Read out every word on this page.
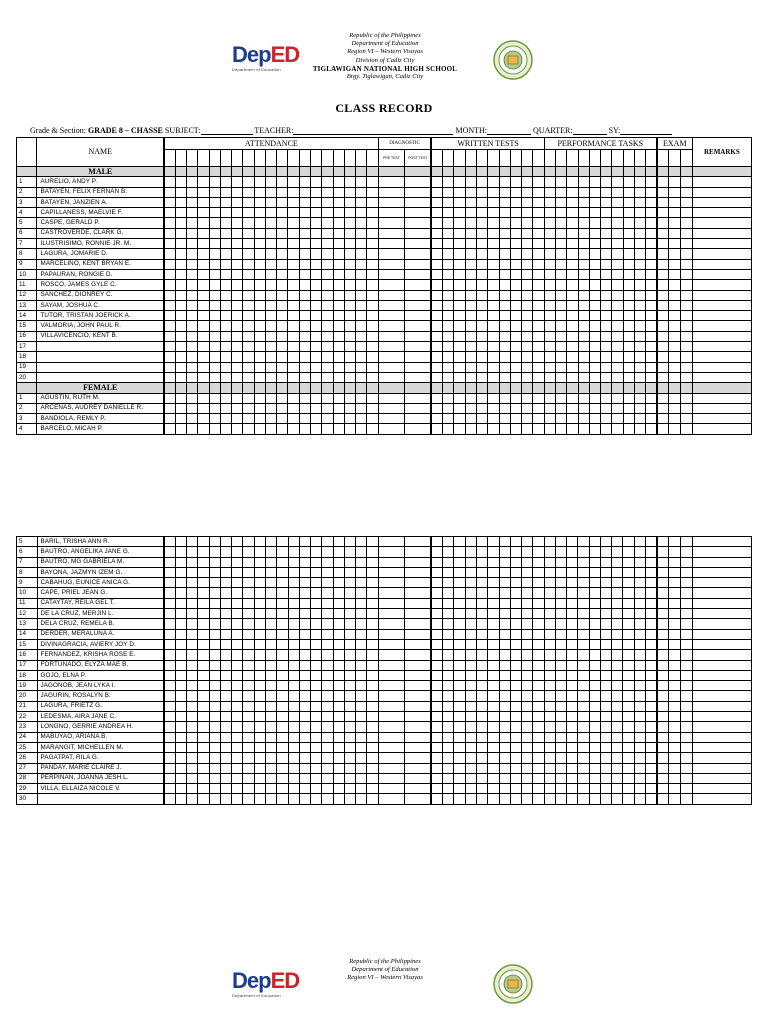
DepED
Department of Education
Republic of the Philippines
Department of Education
Region VI – Western Visayas
Division of Cadiz City
TIGLAWIGAN NATIONAL HIGH SCHOOL
Brgy. Tiglawigan, Cadiz City
CLASS RECORD
Grade & Section: GRADE 8 – CHASSE SUBJECT:	TEACHER:	MONTH:	QUARTER:	SY:
	NAME	ATTENDANCE																			DIAGNOSTIC		WRITTEN TESTS										PERFORMANCE TASKS										EXAM			REMARKS
																					PRE TEST	POST TEST																								
	MALE																																													
1	AURELIO, ANDY P.																																													
2	BATAYEN, FELIX FERNAN B.																																													
3	BATAYEN, JANZIEN A.																																													
4	CAPILLANESS, MAELVIE F.																																													
5	CASPE, GERALD P.																																													
6	CASTROVERDE, CLARK G.																																													
7	ILUSTRISIMO, RONNIE JR. M.																																													
8	LAGURA, JOMARIE D.																																													
9	MARCELINO, KENT BRYAN E.																																													
10	PAPAURAN, RONGIE D.																																													
11	ROSCO, JAMES GYLE C.																																													
12	SANCHEZ, DIONREY C.																																													
13	SAYAM, JOSHUA C.																																													
14	TUTOR, TRISTAN JOERICK A.																																													
15	VALMORIA, JOHN PAUL R.																																													
16	VILLAVICENCIO, KENT B.																																													
17																																														
18																																														
19																																														
20																																														
	FEMALE																																													
1	AGUSTIN, RUTH M.																																													
2	ARCENAS, AUDREY DANIELLE R.																																													
3	BANDIOLA, REMLY P.																																													
4	BARCELO, MICAH P.																																													
5	BARIL, TRISHA ANN R.																																													
6	BAUTRO, ANGELIKA JANE G.																																													
7	BAUTRO, MG GABRIELA M.																																													
8	BAYONA, JAZMYN IZEM G.																																													
9	CABAHUG, EUNICE ANICA G.																																													
10	CAPE, PRIEL JEAN G.																																													
11	CATAYTAY, REILA GEL T.																																													
12	DE LA CRUZ, MERJIN L.																																													
13	DELA CRUZ, REMELA B.																																													
14	DERDER, MERALUNA A.																																													
15	DIVINAGRACIA, AVIERY JOY D.																																													
16	FERNANDEZ, KRISHA ROSE E.																																													
17	FORTUNADO, ELYZA MAE B.																																													
18	GOJO, ELNA P.																																													
19	JAGONOB, JEAN LYKA I.																																													
20	JAGURIN, ROSALYN B.																																													
21	LAGURA, FRIETZ G.																																													
22	LEDESMA, AIRA JANE C.																																													
23	LONGNO, GERRIE ANDREA H.																																													
24	MABUYAO, ARIANA B.																																													
25	MARANGIT, MICHELLEN M.																																													
26	PAGATPAT, RILA G.																																													
27	PANDAY, MARIE CLAIRE J.																																													
28	PERPIÑAN, JOANNA JESH L.																																													
29	VILLA, ELLAIZA NICOLE V.																																													
30																																														
DepED
Department of Education
Republic of the Philippines
Department of Education
Region VI – Western Visayas
